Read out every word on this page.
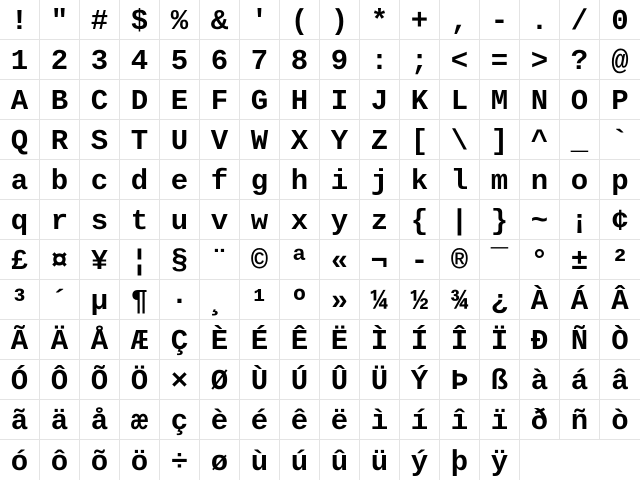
! " # $ % & ' ( ) * + , - . / 0
1 2 3 4 5 6 7 8 9 : ; < = > ? @
A B C D E F G H I J K L M N O P
Q R S T U V W X Y Z [ \ ] ^ _ `
a b c d e f g h i j k l m n o p
q r s t u v w x y z { | } ~ ¡ ¢
£ ¤ ¥ ¦ § ¨ © ª « ¬ - ® ¯ ° ± ²
³ ´ µ ¶ · ¸ ¹ º » ¼ ½ ¾ ¿ À Á Â
Ã Ä Å Æ Ç È É Ê Ë Ì Í Î Ï Ð Ñ Ò
Ó Ô Õ Ö × Ø Ù Ú Û Ü Ý Þ ß à á â
ã ä å æ ç è é ê ë ì í î ï ð ñ ò
ó ô õ ö ÷ ø ù ú û ü ý þ ÿ
